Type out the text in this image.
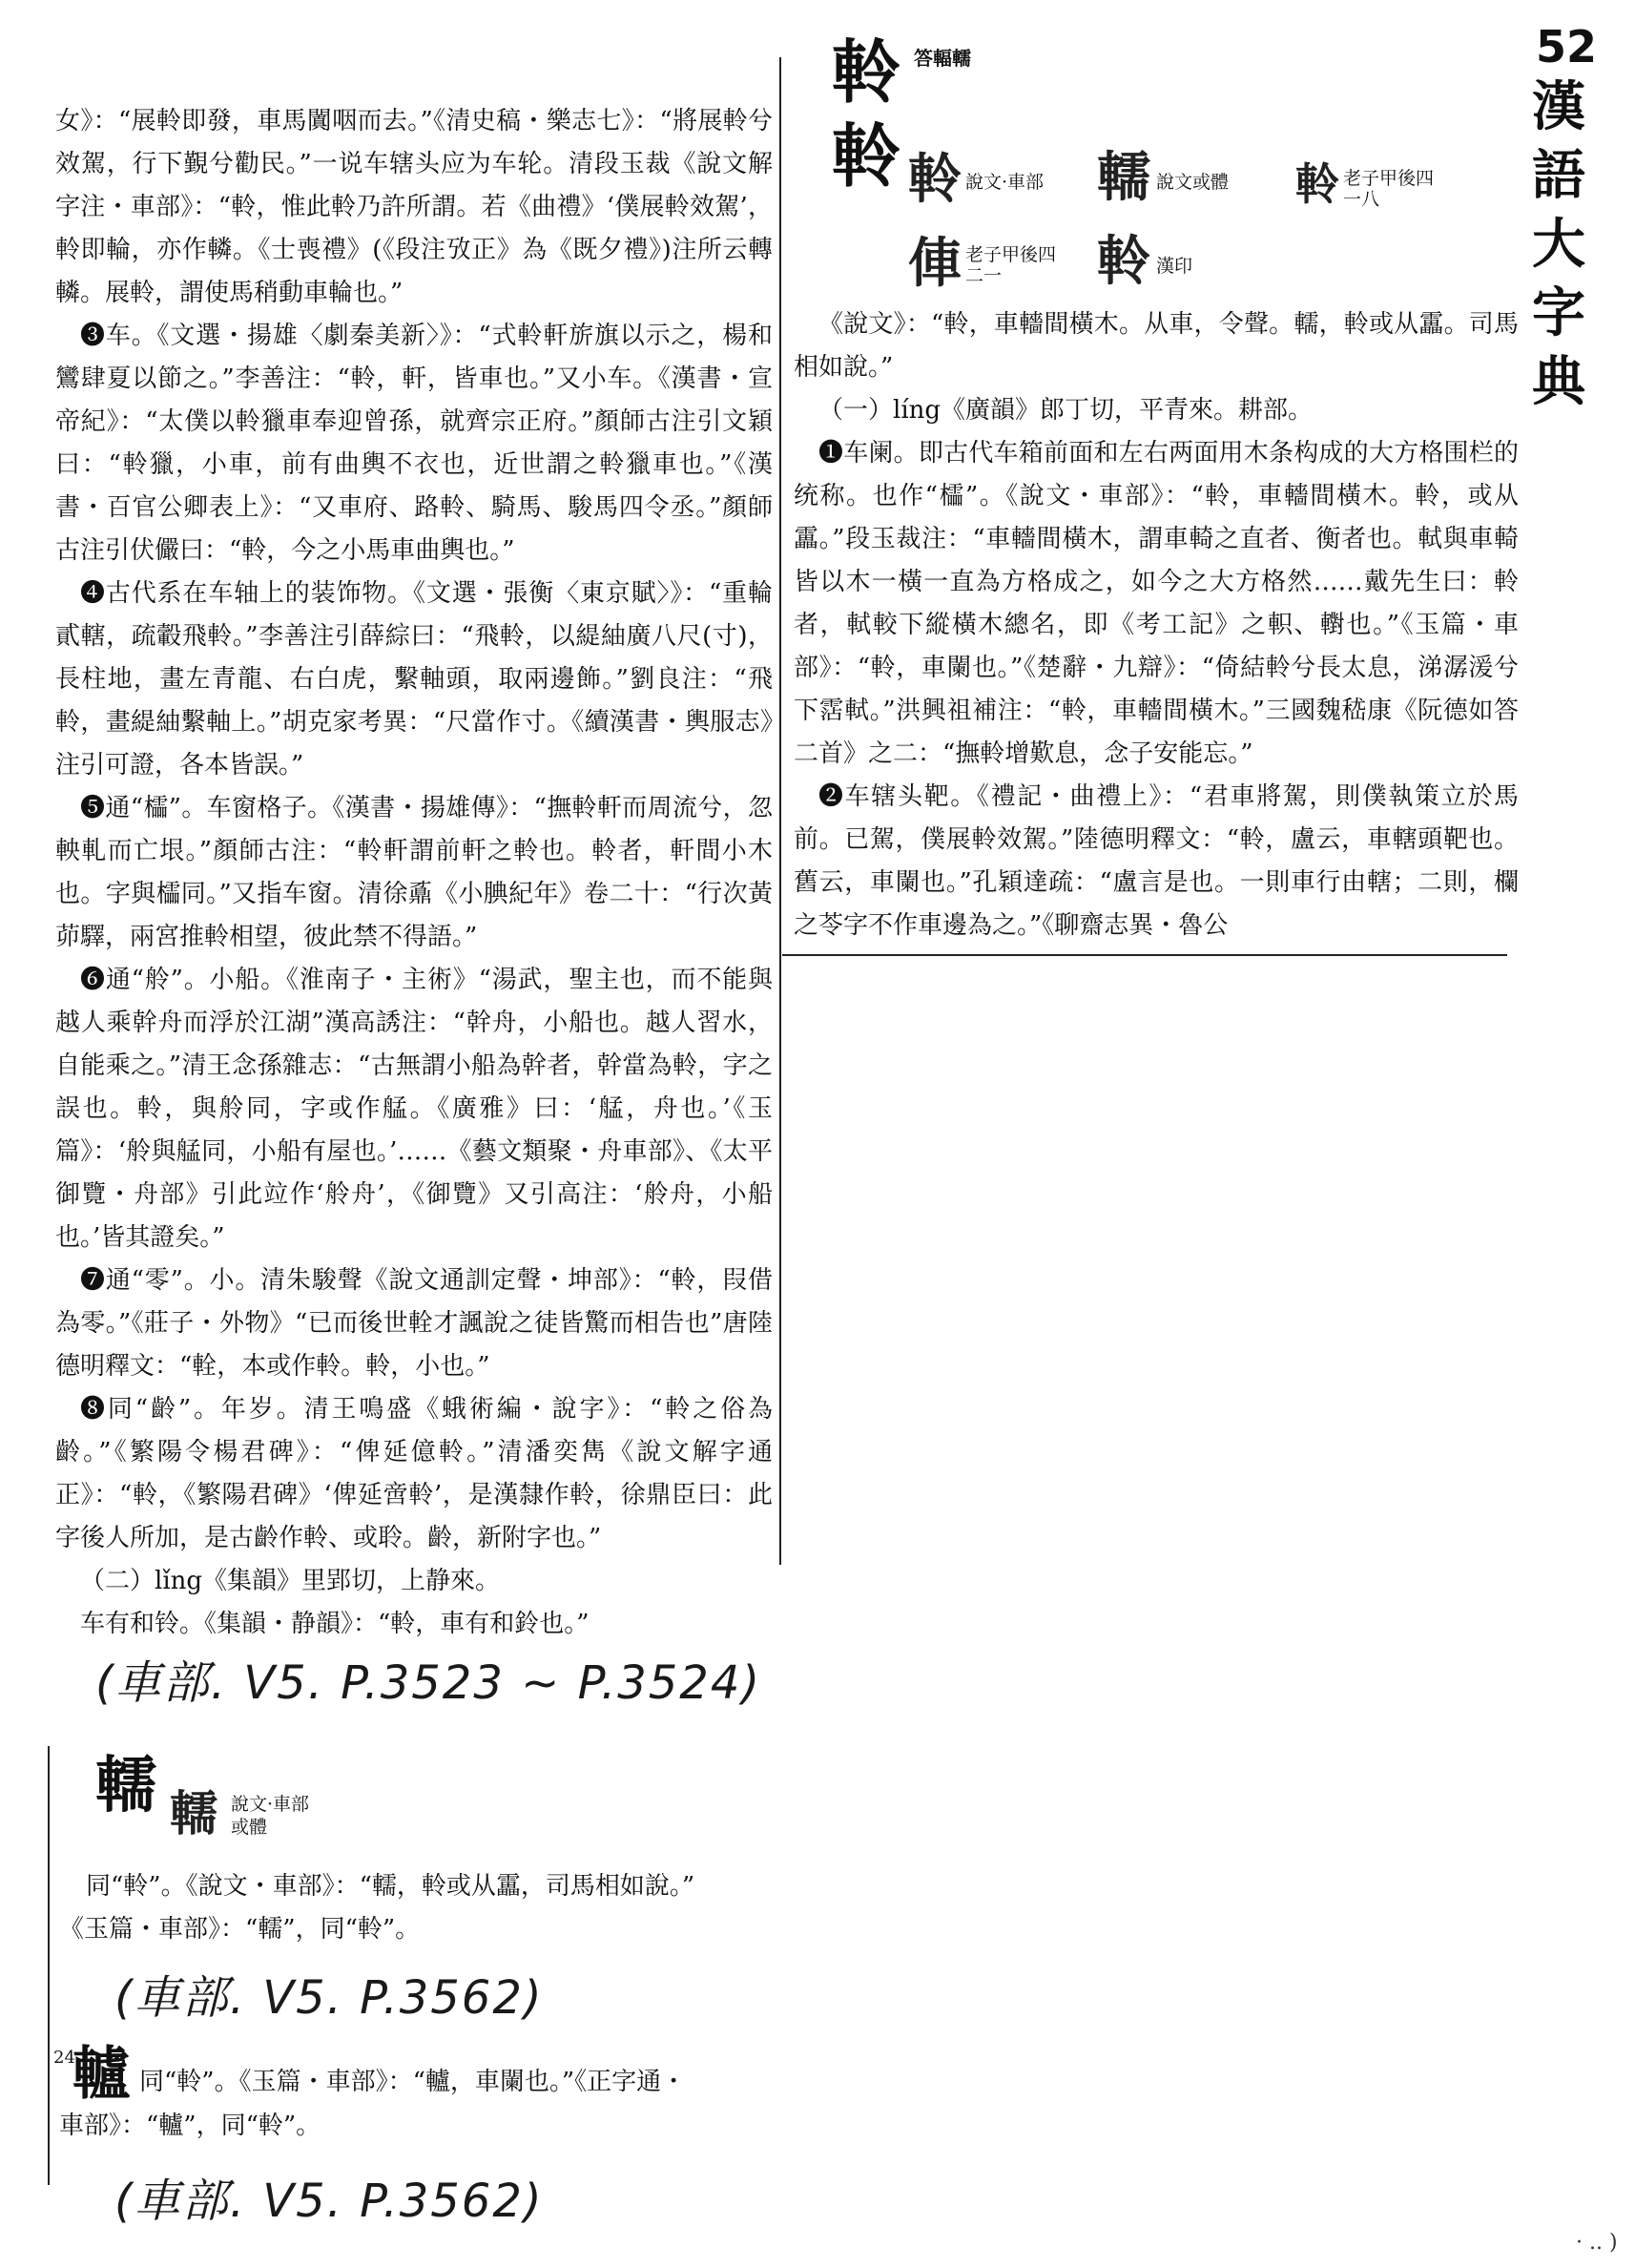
52
漢
語
大
字
典
軨 答輻轜
軨 軨 說文·車部 轜 說文或體 軨 老子甲後四一八
俥 老子甲後四二一	軨 漢印

女》：“展軨即發，車馬闐咽而去。”《清史稿・樂志七》：“將展軨兮效駕，行下覲兮勸民。”一说车辖头应为车轮。清段玉裁《說文解字注・車部》：“軨，惟此軨乃許所謂。若《曲禮》‘僕展軨效駕’，軨即輪，亦作轔。《士喪禮》(《段注攷正》為《既夕禮》)注所云轉轔。展軨，謂使馬稍動車輪也。”

❸车。《文選・揚雄〈劇秦美新〉》：“式軨軒旂旗以示之，楊和鸞肆夏以節之。”李善注：“軨，軒，皆車也。”又小车。《漢書・宣帝紀》：“太僕以軨獵車奉迎曾孫，就齊宗正府。”顏師古注引文穎曰：“軨獵，小車，前有曲輿不衣也，近世謂之軨獵車也。”《漢書・百官公卿表上》：“又車府、路軨、騎馬、駿馬四令丞。”顏師古注引伏儼曰：“軨，今之小馬車曲輿也。”

❹古代系在车轴上的装饰物。《文選・張衡〈東京賦〉》：“重輪貳轄，疏轂飛軨。”李善注引薛綜曰：“飛軨，以緹紬廣八尺(寸)，長柱地，畫左青龍、右白虎，繫軸頭，取兩邊飾。”劉良注：“飛軨，畫緹紬繫軸上。”胡克家考異：“尺當作寸。《續漢書・輿服志》注引可證，各本皆誤。”

❺通“櫺”。车窗格子。《漢書・揚雄傳》：“撫軨軒而周流兮，忽軮軋而亡垠。”顏師古注：“軨軒謂前軒之軨也。軨者，軒間小木也。字與櫺同。”又指车窗。清徐鼒《小腆紀年》卷二十：“行次黃茆驛，兩宮推軨相望，彼此禁不得語。”

❻通“舲”。小船。《淮南子・主術》“湯武，聖主也，而不能與越人乘幹舟而浮於江湖”漢高誘注：“幹舟，小船也。越人習水，自能乘之。”清王念孫雜志：“古無謂小船為幹者，幹當為軨，字之誤也。軨，與舲同，字或作艋。《廣雅》曰：‘艋，舟也。’《玉篇》：‘舲與艋同，小船有屋也。’……《藝文類聚・舟車部》、《太平御覽・舟部》引此竝作‘舲舟’，《御覽》又引高注：‘舲舟，小船也。’皆其證矣。”

❼通“零”。小。清朱駿聲《說文通訓定聲・坤部》：“軨，叚借為零。”《莊子・外物》“已而後世輇才諷說之徒皆驚而相告也”唐陸德明釋文：“輇，本或作軨。軨，小也。”

❽同“齡”。年岁。清王鳴盛《蛾術編・說字》：“軨之俗為齡。”《繁陽令楊君碑》：“俾延億軨。”清潘奕雋《說文解字通正》：“軨，《繁陽君碑》‘俾延啻軨’，是漢隸作軨，徐鼎臣曰：此字後人所加，是古齡作軨、或聆。齡，新附字也。”

（二）lǐng《集韻》里郢切，上静來。

车有和铃。《集韻・静韻》：“軨，車有和鈴也。”

《說文》：“軨，車轖間橫木。从車，令聲。轜，軨或从靁。司馬相如說。”

（一）líng《廣韻》郎丁切，平青來。耕部。

❶车阑。即古代车箱前面和左右两面用木条构成的大方格围栏的统称。也作“櫺”。《說文・車部》：“軨，車轖間橫木。軨，或从靁。”段玉裁注：“車轖間橫木，謂車輢之直者、衡者也。軾與車輢皆以木一橫一直為方格成之，如今之大方格然……戴先生曰：軨者，軾較下縱橫木總名，即《考工記》之軹、轛也。”《玉篇・車部》：“軨，車闌也。”《楚辭・九辯》：“倚結軨兮長太息，涕潺湲兮下霑軾。”洪興祖補注：“軨，車轖間橫木。”三國魏嵇康《阮德如答二首》之二：“撫軨增歎息，念子安能忘。”

❷车辖头靶。《禮記・曲禮上》：“君車將駕，則僕執策立於馬前。已駕，僕展軨效駕。”陸德明釋文：“軨，盧云，車轄頭靶也。舊云，車闌也。”孔穎達疏：“盧言是也。一則車行由轄；二則，欄之苓字不作車邊為之。”《聊齋志異・魯公

(車部. V5. P.3523 ~ P.3524)
轜 轜 說文·車部
或體
同“軨”。《說文・車部》：“轜，軨或从靁，司馬相如說。”
《玉篇・車部》：“轜”，同“軨”。
(車部. V5. P.3562)
24
轤 同“軨”。《玉篇・車部》：“轤，車闌也。”《正字通・
車部》：“轤”，同“軨”。
(車部. V5. P.3562)
· .. )
